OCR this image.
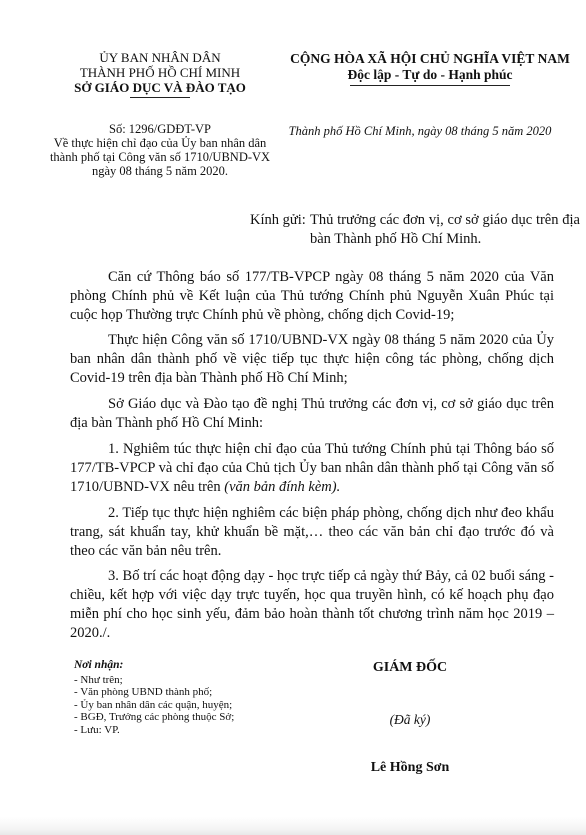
ỦY BAN NHÂN DÂN
THÀNH PHỐ HỒ CHÍ MINH
SỞ GIÁO DỤC VÀ ĐÀO TẠO
CỘNG HÒA XÃ HỘI CHỦ NGHĨA VIỆT NAM
Độc lập - Tự do - Hạnh phúc
Số: 1296/GDĐT-VP
Về thực hiện chỉ đạo của Ủy ban nhân dân
thành phố tại Công văn số 1710/UBND-VX
ngày 08 tháng 5 năm 2020.
Thành phố Hồ Chí Minh, ngày 08 tháng 5 năm 2020
Kính gửi: Thủ trưởng các đơn vị, cơ sở giáo dục trên địa bàn Thành phố Hồ Chí Minh.

Căn cứ Thông báo số 177/TB-VPCP ngày 08 tháng 5 năm 2020 của Văn phòng Chính phủ về Kết luận của Thủ tướng Chính phủ Nguyễn Xuân Phúc tại cuộc họp Thường trực Chính phủ về phòng, chống dịch Covid-19;

Thực hiện Công văn số 1710/UBND-VX ngày 08 tháng 5 năm 2020 của Ủy ban nhân dân thành phố về việc tiếp tục thực hiện công tác phòng, chống dịch Covid-19 trên địa bàn Thành phố Hồ Chí Minh;

Sở Giáo dục và Đào tạo đề nghị Thủ trưởng các đơn vị, cơ sở giáo dục trên địa bàn Thành phố Hồ Chí Minh:

1. Nghiêm túc thực hiện chỉ đạo của Thủ tướng Chính phủ tại Thông báo số 177/TB-VPCP và chỉ đạo của Chủ tịch Ủy ban nhân dân thành phố tại Công văn số 1710/UBND-VX nêu trên (văn bản đính kèm).

2. Tiếp tục thực hiện nghiêm các biện pháp phòng, chống dịch như đeo khẩu trang, sát khuẩn tay, khử khuẩn bề mặt,… theo các văn bản chỉ đạo trước đó và theo các văn bản nêu trên.

3. Bố trí các hoạt động dạy - học trực tiếp cả ngày thứ Bảy, cả 02 buổi sáng - chiều, kết hợp với việc dạy trực tuyến, học qua truyền hình, có kế hoạch phụ đạo miễn phí cho học sinh yếu, đảm bảo hoàn thành tốt chương trình năm học 2019 – 2020./.

Nơi nhận:
- Như trên;
- Văn phòng UBND thành phố;
- Ủy ban nhân dân các quận, huyện;
- BGĐ, Trưởng các phòng thuộc Sở;
- Lưu: VP.
GIÁM ĐỐC
(Đã ký)
Lê Hồng Sơn
